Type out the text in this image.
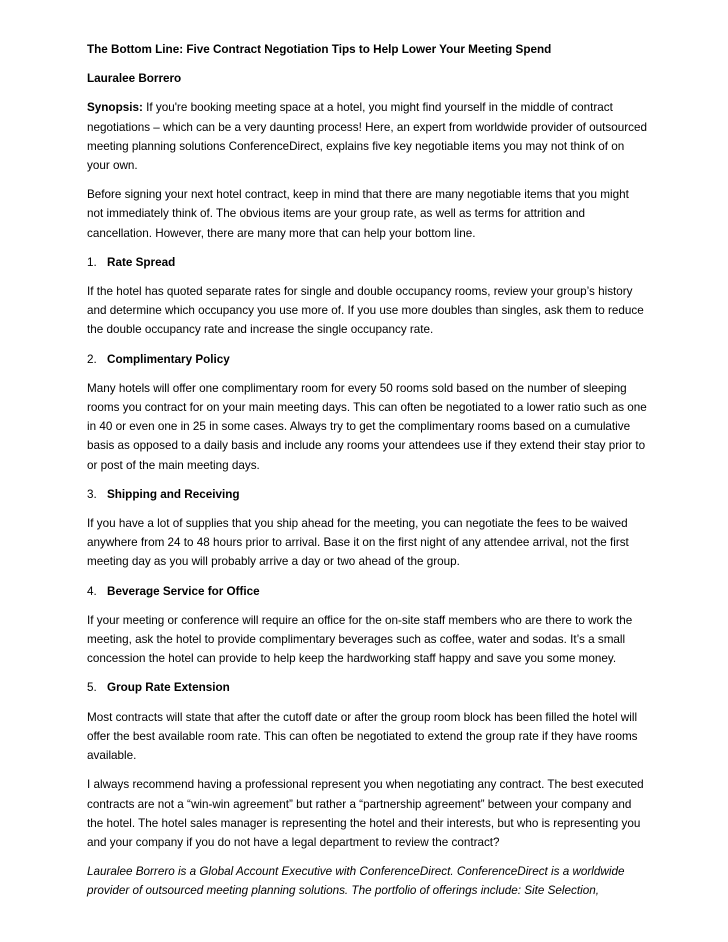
The Bottom Line: Five Contract Negotiation Tips to Help Lower Your Meeting Spend

Lauralee Borrero

Synopsis: If you're booking meeting space at a hotel, you might find yourself in the middle of contract negotiations – which can be a very daunting process! Here, an expert from worldwide provider of outsourced meeting planning solutions ConferenceDirect, explains five key negotiable items you may not think of on your own.

Before signing your next hotel contract, keep in mind that there are many negotiable items that you might not immediately think of. The obvious items are your group rate, as well as terms for attrition and cancellation. However, there are many more that can help your bottom line.

1. Rate Spread

If the hotel has quoted separate rates for single and double occupancy rooms, review your group’s history and determine which occupancy you use more of. If you use more doubles than singles, ask them to reduce the double occupancy rate and increase the single occupancy rate.

2. Complimentary Policy

Many hotels will offer one complimentary room for every 50 rooms sold based on the number of sleeping rooms you contract for on your main meeting days. This can often be negotiated to a lower ratio such as one in 40 or even one in 25 in some cases. Always try to get the complimentary rooms based on a cumulative basis as opposed to a daily basis and include any rooms your attendees use if they extend their stay prior to or post of the main meeting days.

3. Shipping and Receiving

If you have a lot of supplies that you ship ahead for the meeting, you can negotiate the fees to be waived anywhere from 24 to 48 hours prior to arrival. Base it on the first night of any attendee arrival, not the first meeting day as you will probably arrive a day or two ahead of the group.

4. Beverage Service for Office

If your meeting or conference will require an office for the on-site staff members who are there to work the meeting, ask the hotel to provide complimentary beverages such as coffee, water and sodas. It’s a small concession the hotel can provide to help keep the hardworking staff happy and save you some money.

5. Group Rate Extension

Most contracts will state that after the cutoff date or after the group room block has been filled the hotel will offer the best available room rate. This can often be negotiated to extend the group rate if they have rooms available.

I always recommend having a professional represent you when negotiating any contract. The best executed contracts are not a “win-win agreement” but rather a “partnership agreement” between your company and the hotel. The hotel sales manager is representing the hotel and their interests, but who is representing you and your company if you do not have a legal department to review the contract?

Lauralee Borrero is a Global Account Executive with ConferenceDirect. ConferenceDirect is a worldwide provider of outsourced meeting planning solutions. The portfolio of offerings include: Site Selection,
